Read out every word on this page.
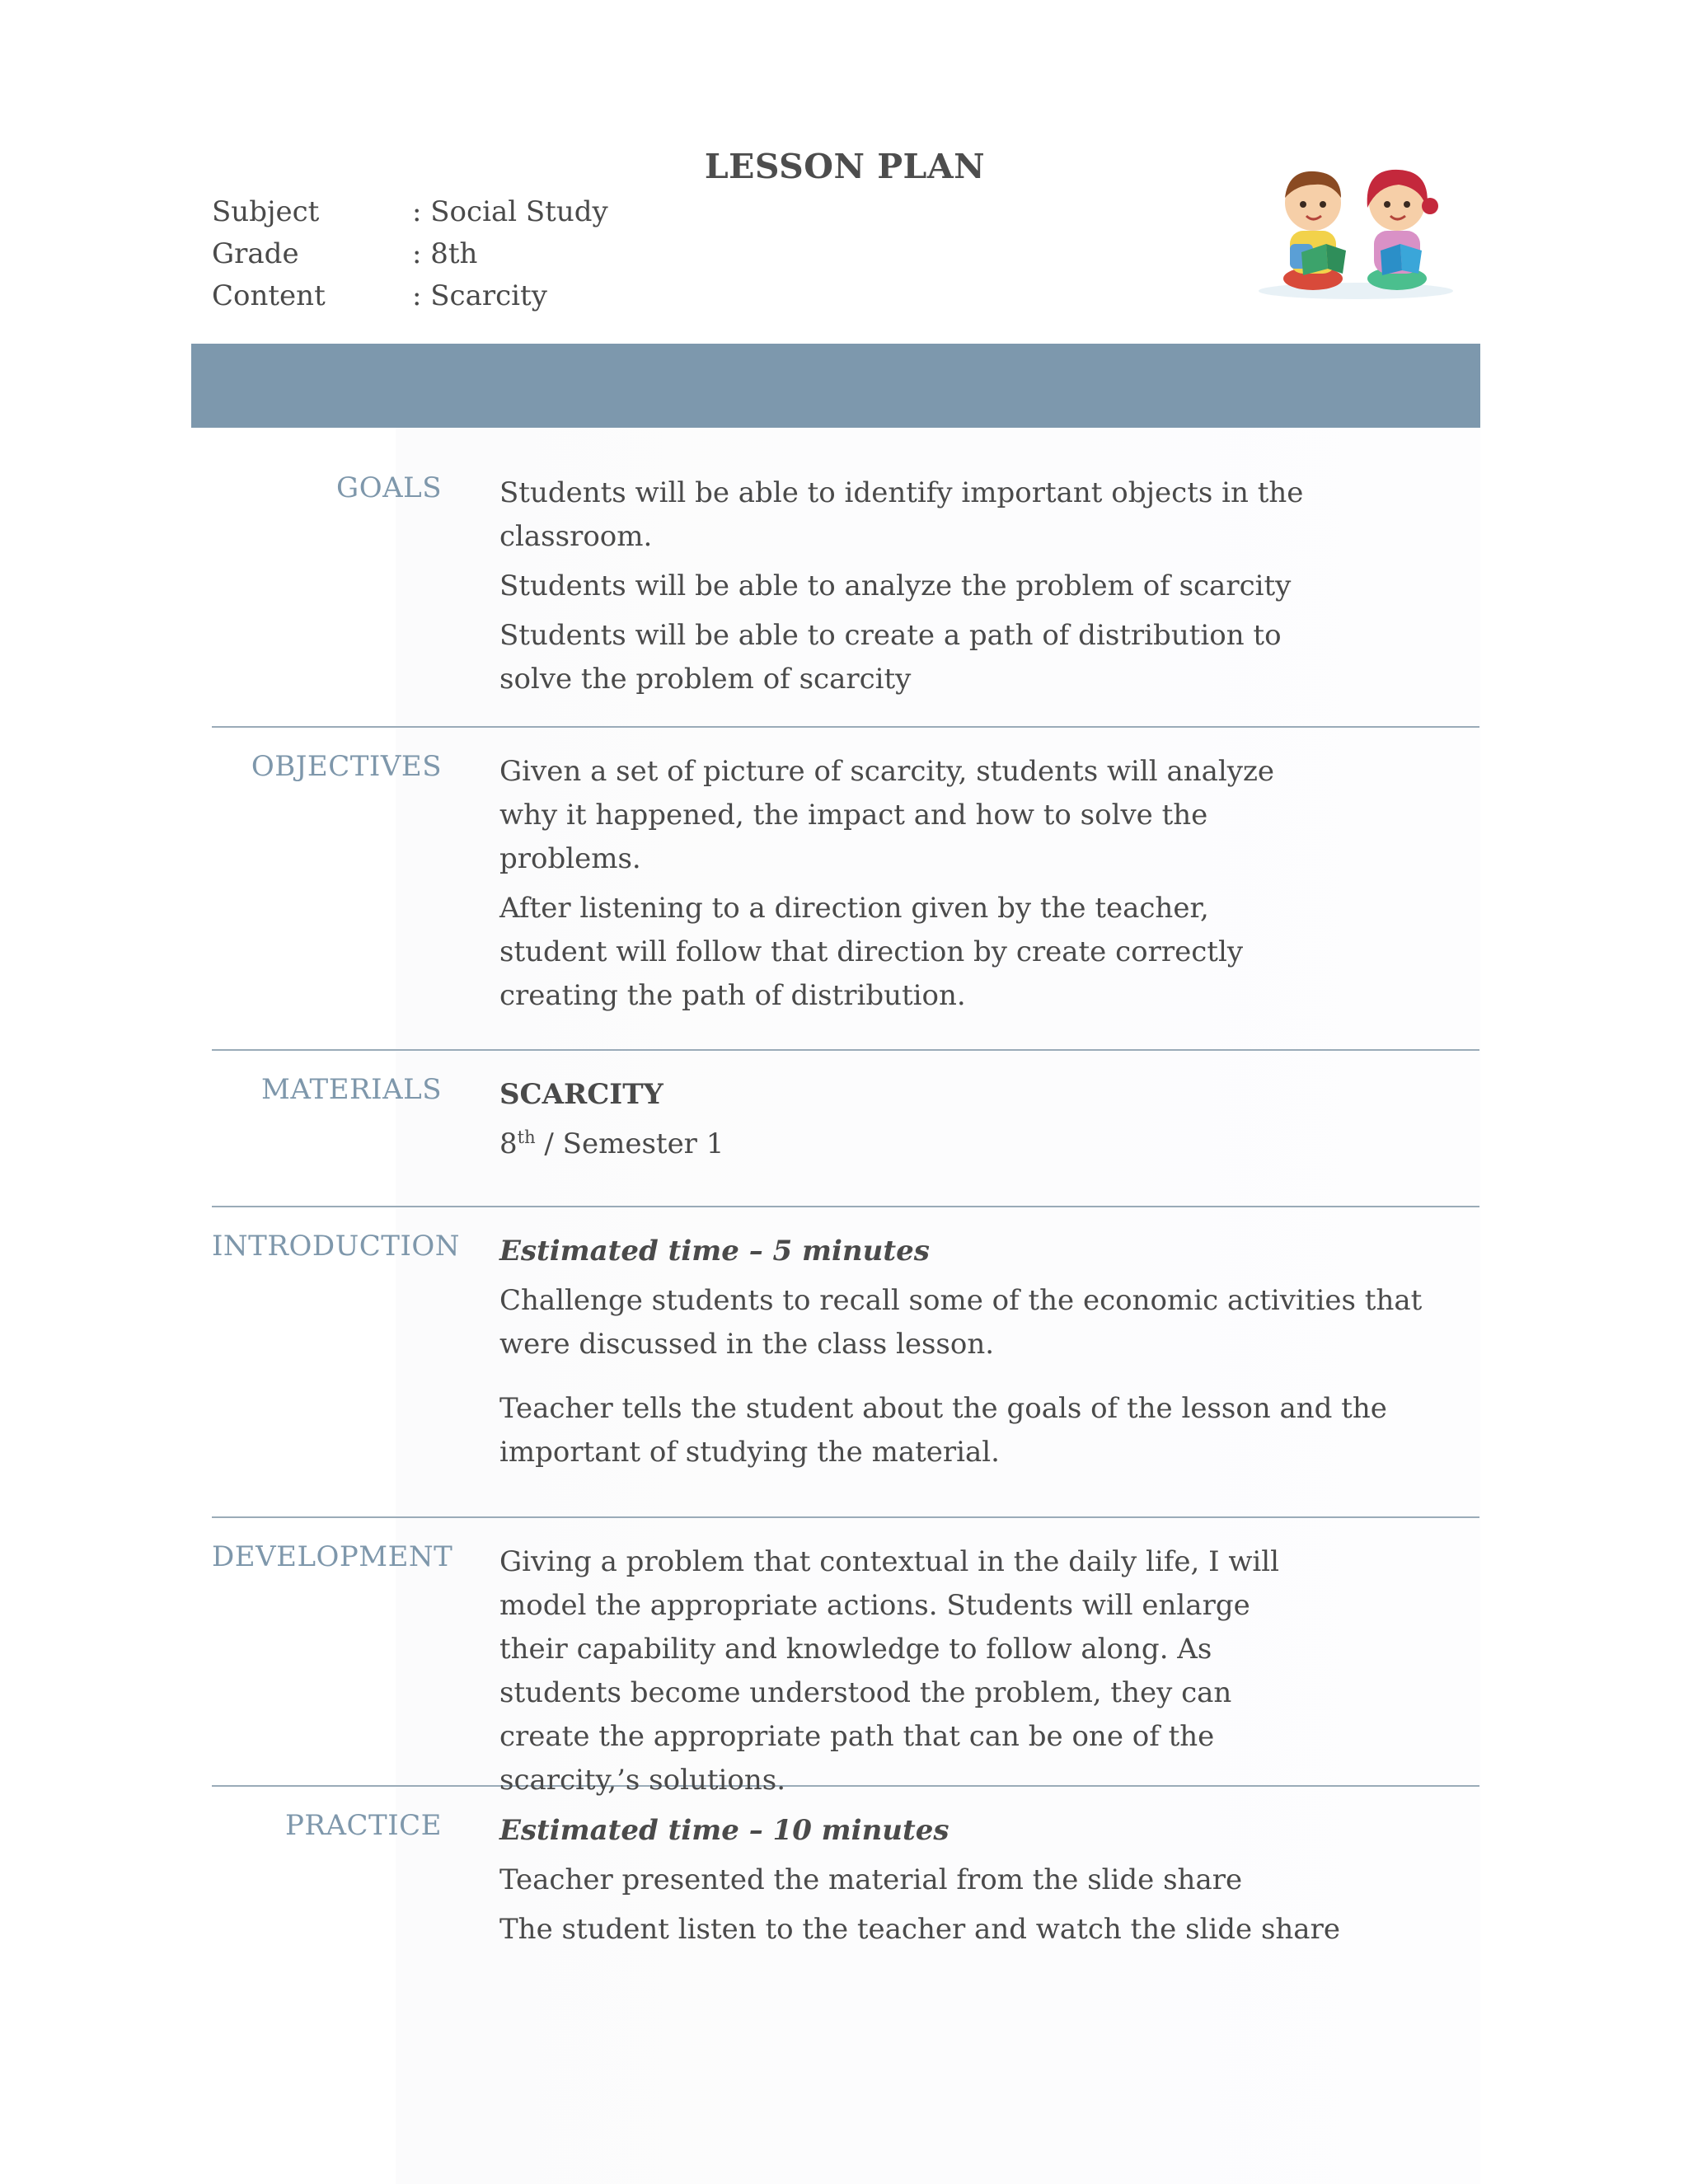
LESSON PLAN
Subject	: Social Study
Grade	: 8th
Content	: Scarcity
GOALS Students will be able to identify important objects in the classroom.

Students will be able to analyze the problem of scarcity

Students will be able to create a path of distribution to solve the problem of scarcity

OBJECTIVES Given a set of picture of scarcity, students will analyze why it happened, the impact and how to solve the problems.

After listening to a direction given by the teacher, student will follow that direction by create correctly creating the path of distribution.

MATERIALS SCARCITY

8th / Semester 1

INTRODUCTION Estimated time – 5 minutes

Challenge students to recall some of the economic activities that were discussed in the class lesson.

Teacher tells the student about the goals of the lesson and the important of studying the material.

DEVELOPMENT Giving a problem that contextual in the daily life, I will model the appropriate actions. Students will enlarge their capability and knowledge to follow along. As students become understood the problem, they can create the appropriate path that can be one of the scarcity,’s solutions.

PRACTICE Estimated time – 10 minutes

Teacher presented the material from the slide share

The student listen to the teacher and watch the slide share
